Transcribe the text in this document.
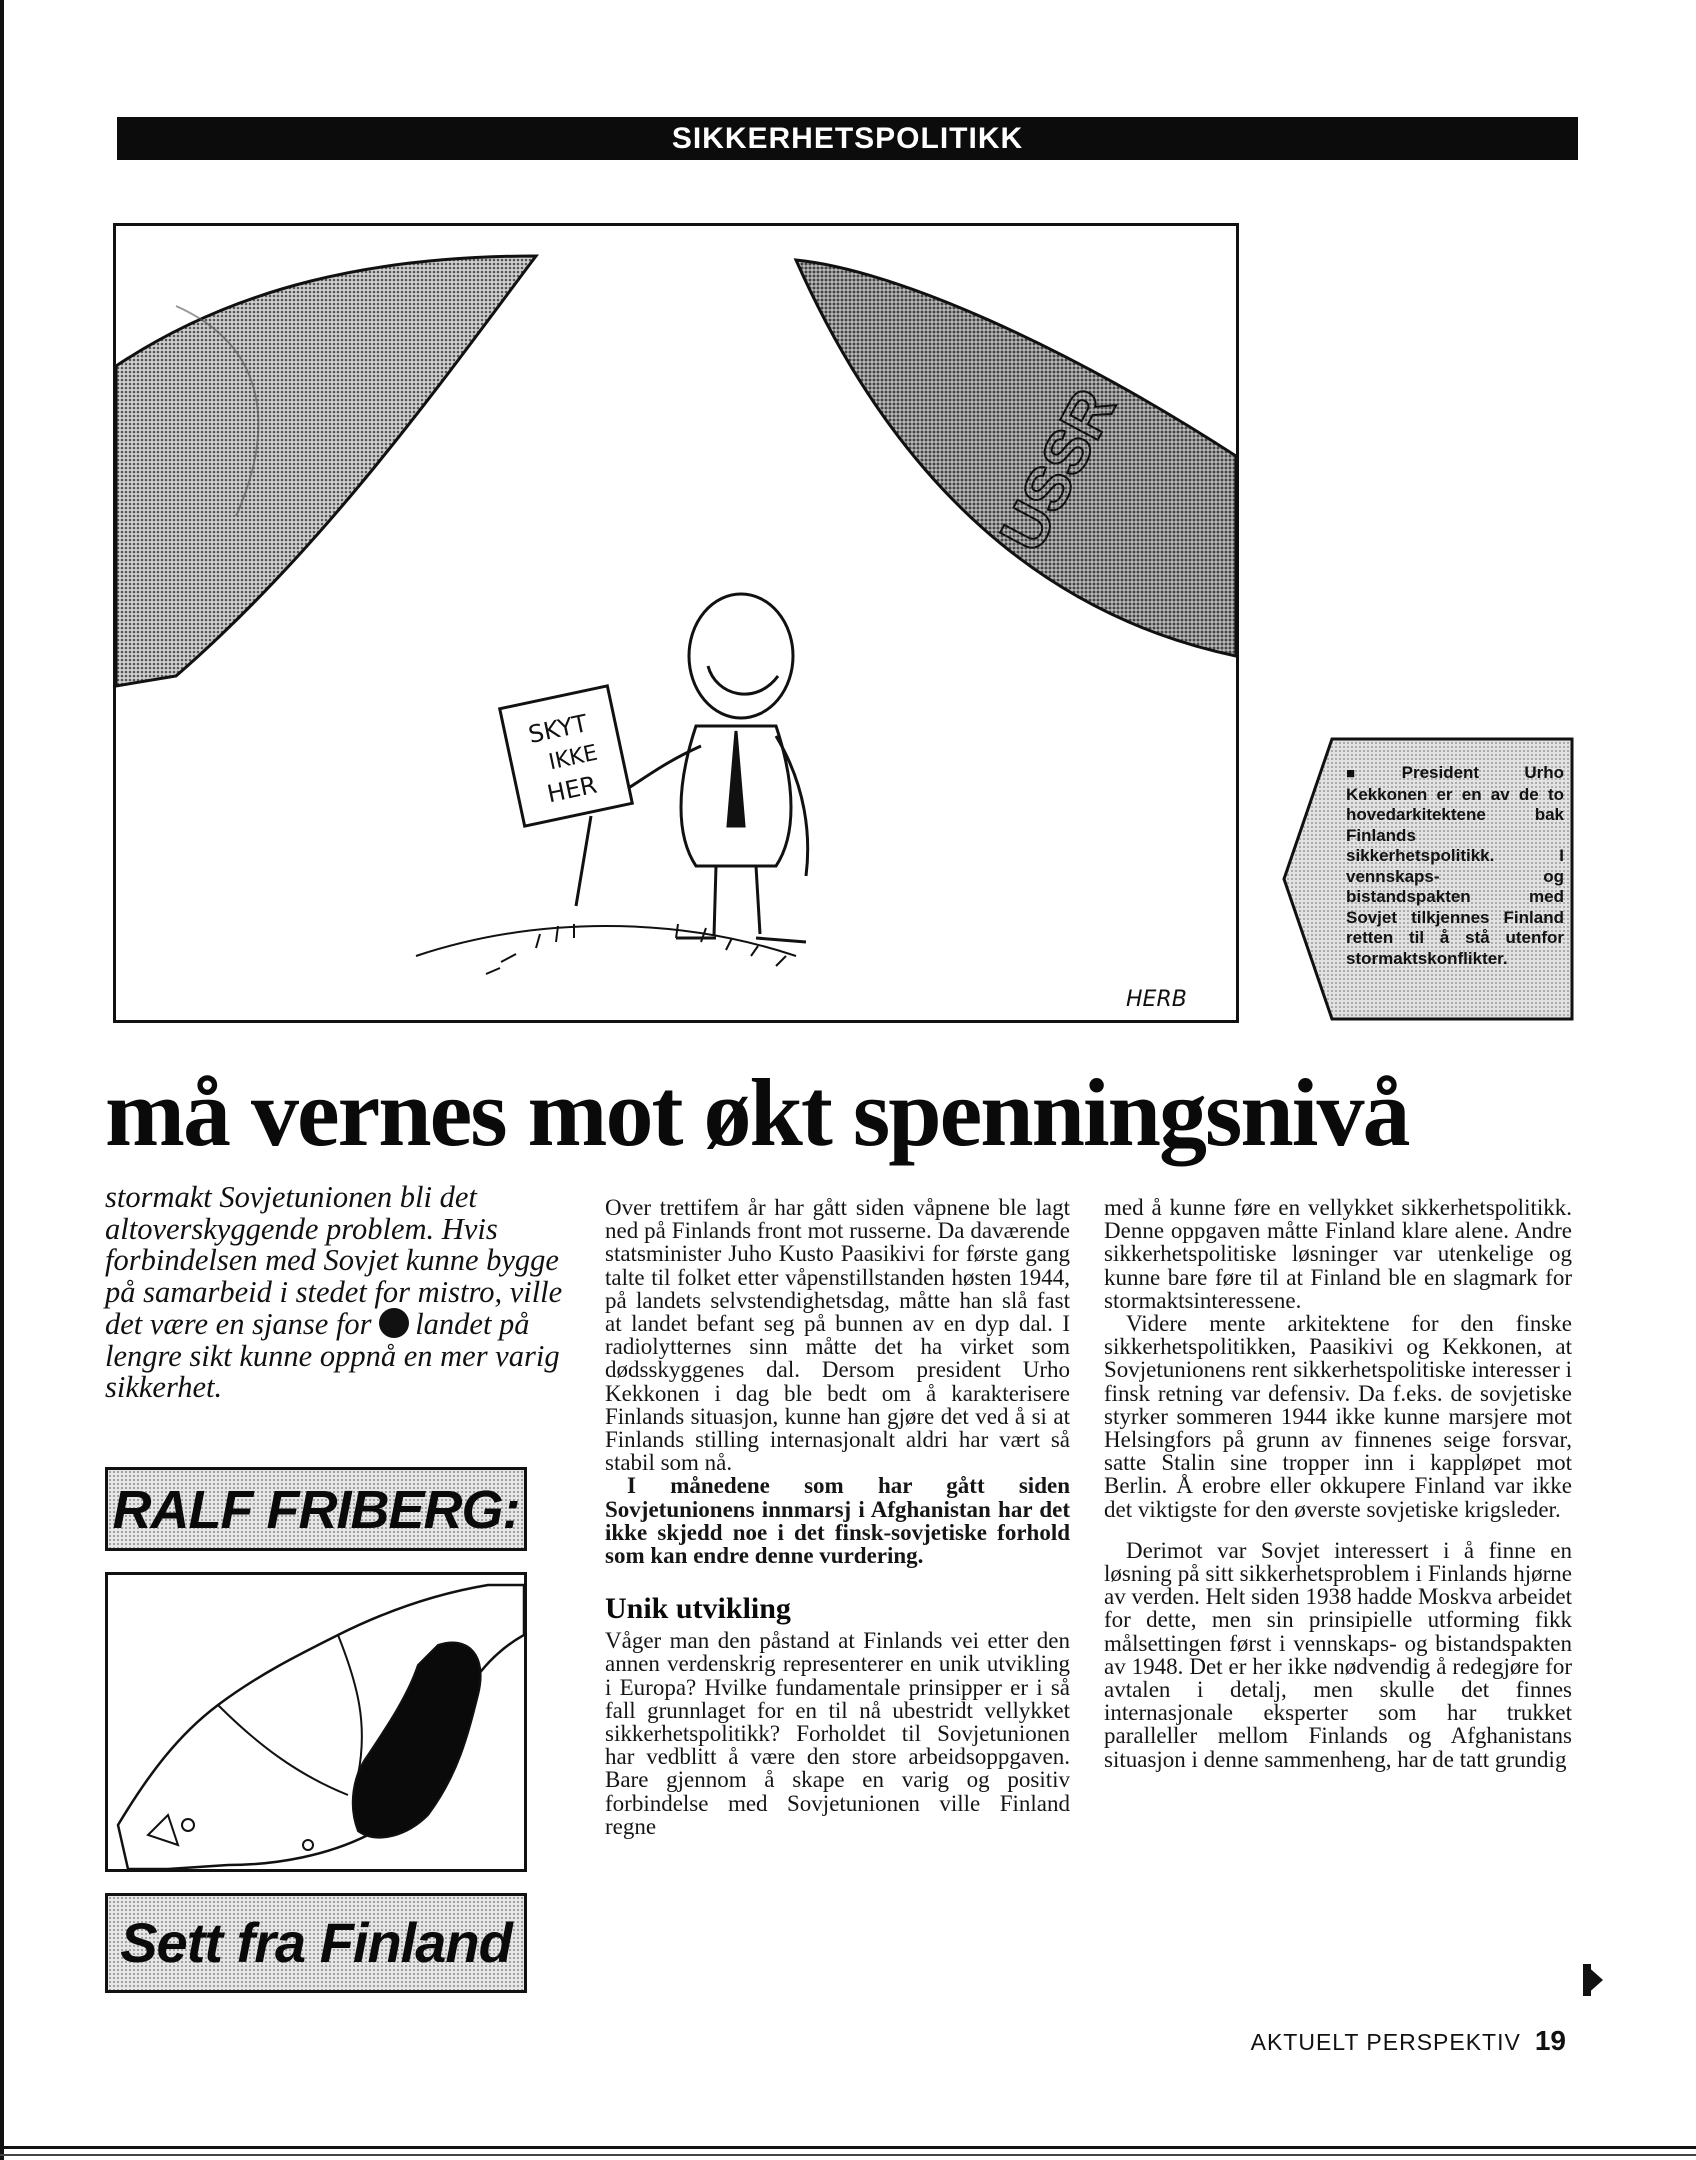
SIKKERHETSPOLITIKK
USSR
SKYT
IKKE
HER
HERB
■ President Urho Kekkonen er en av de to hovedarkitektene bak Finlands sikkerhetspolitikk. I vennskaps- og bistandspakten med Sovjet tilkjennes Finland retten til å stå utenfor stormaktskonflikter.
må vernes mot økt spenningsnivå
stormakt Sovjetunionen bli det altoverskyggende problem. Hvis forbindelsen med Sovjet kunne bygge på samarbeid i stedet for mistro, ville det være en sjanse for landet på lengre sikt kunne oppnå en mer varig sikkerhet.
RALF FRIBERG:
Sett fra Finland

Over trettifem år har gått siden våpnene ble lagt ned på Finlands front mot russerne. Da daværende statsminister Juho Kusto Paasikivi for første gang talte til folket etter våpenstillstanden høsten 1944, på landets selvstendighetsdag, måtte han slå fast at landet befant seg på bunnen av en dyp dal. I radiolytternes sinn måtte det ha virket som dødsskyggenes dal. Dersom president Urho Kekkonen i dag ble bedt om å karakterisere Finlands situasjon, kunne han gjøre det ved å si at Finlands stilling internasjonalt aldri har vært så stabil som nå.

I månedene som har gått siden Sovjetunionens innmarsj i Afghanistan har det ikke skjedd noe i det finsk-sovjetiske forhold som kan endre denne vurdering.

Unik utvikling

Våger man den påstand at Finlands vei etter den annen verdenskrig representerer en unik utvikling i Europa? Hvilke fundamentale prinsipper er i så fall grunnlaget for en til nå ubestridt vellykket sikkerhetspolitikk? Forholdet til Sovjetunionen har vedblitt å være den store arbeidsoppgaven. Bare gjennom å skape en varig og positiv forbindelse med Sovjetunionen ville Finland regne

med å kunne føre en vellykket sikkerhetspolitikk. Denne oppgaven måtte Finland klare alene. Andre sikkerhetspolitiske løsninger var utenkelige og kunne bare føre til at Finland ble en slagmark for stormaktsinteressene.

Videre mente arkitektene for den finske sikkerhetspolitikken, Paasikivi og Kekkonen, at Sovjetunionens rent sikkerhetspolitiske interesser i finsk retning var defensiv. Da f.eks. de sovjetiske styrker sommeren 1944 ikke kunne marsjere mot Helsingfors på grunn av finnenes seige forsvar, satte Stalin sine tropper inn i kappløpet mot Berlin. Å erobre eller okkupere Finland var ikke det viktigste for den øverste sovjetiske krigsleder.

Derimot var Sovjet interessert i å finne en løsning på sitt sikkerhetsproblem i Finlands hjørne av verden. Helt siden 1938 hadde Moskva arbeidet for dette, men sin prinsipielle utforming fikk målsettingen først i vennskaps- og bistandspakten av 1948. Det er her ikke nødvendig å redegjøre for avtalen i detalj, men skulle det finnes internasjonale eksperter som har trukket paralleller mellom Finlands og Afghanistans situasjon i denne sammenheng, har de tatt grundig

AKTUELT PERSPEKTIV 19
